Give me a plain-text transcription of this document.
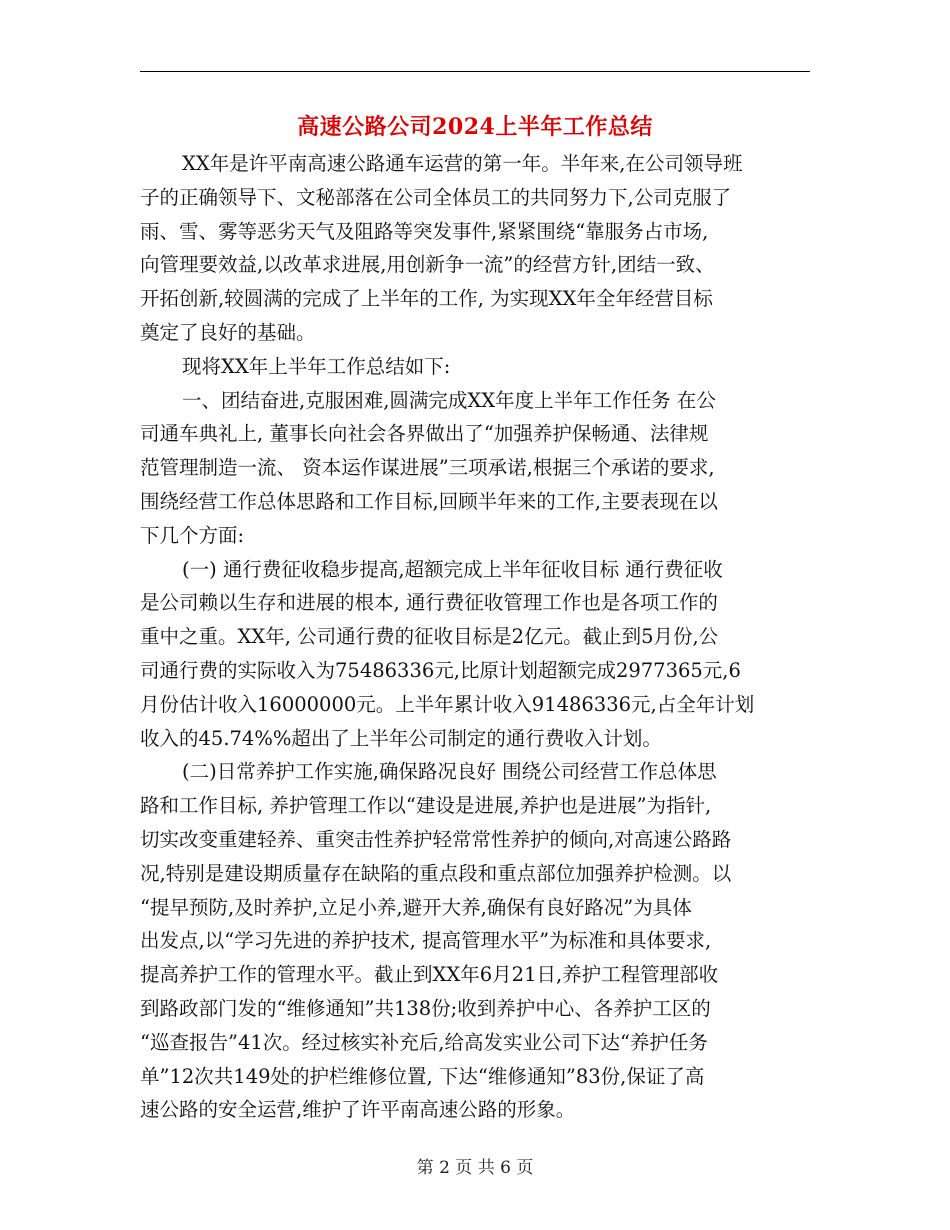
高速公路公司2024上半年工作总结
XX年是许平南高速公路通车运营的第一年。半年来,在公司领导班
子的正确领导下、文秘部落在公司全体员工的共同努力下,公司克服了
雨、雪、雾等恶劣天气及阻路等突发事件,紧紧围绕“靠服务占市场,
向管理要效益,以改革求进展,用创新争一流”的经营方针,团结一致、
开拓创新,较圆满的完成了上半年的工作, 为实现XX年全年经营目标
奠定了良好的基础。
现将XX年上半年工作总结如下:
一、团结奋进,克服困难,圆满完成XX年度上半年工作任务 在公
司通车典礼上, 董事长向社会各界做出了“加强养护保畅通、法律规
范管理制造一流、 资本运作谋进展”三项承诺,根据三个承诺的要求,
围绕经营工作总体思路和工作目标,回顾半年来的工作,主要表现在以
下几个方面:
(一) 通行费征收稳步提高,超额完成上半年征收目标 通行费征收
是公司赖以生存和进展的根本, 通行费征收管理工作也是各项工作的
重中之重。XX年, 公司通行费的征收目标是2亿元。截止到5月份,公
司通行费的实际收入为75486336元,比原计划超额完成2977365元,6
月份估计收入16000000元。上半年累计收入91486336元,占全年计划
收入的45.74%%超出了上半年公司制定的通行费收入计划。
(二)日常养护工作实施,确保路况良好 围绕公司经营工作总体思
路和工作目标, 养护管理工作以“建设是进展,养护也是进展”为指针,
切实改变重建轻养、重突击性养护轻常常性养护的倾向,对高速公路路
况,特别是建设期质量存在缺陷的重点段和重点部位加强养护检测。以
“提早预防,及时养护,立足小养,避开大养,确保有良好路况”为具体
出发点,以“学习先进的养护技术, 提高管理水平”为标准和具体要求,
提高养护工作的管理水平。截止到XX年6月21日,养护工程管理部收
到路政部门发的“维修通知”共138份;收到养护中心、各养护工区的
“巡查报告”41次。经过核实补充后,给高发实业公司下达“养护任务
单”12次共149处的护栏维修位置, 下达“维修通知”83份,保证了高
速公路的安全运营,维护了许平南高速公路的形象。
第 2 页 共 6 页
